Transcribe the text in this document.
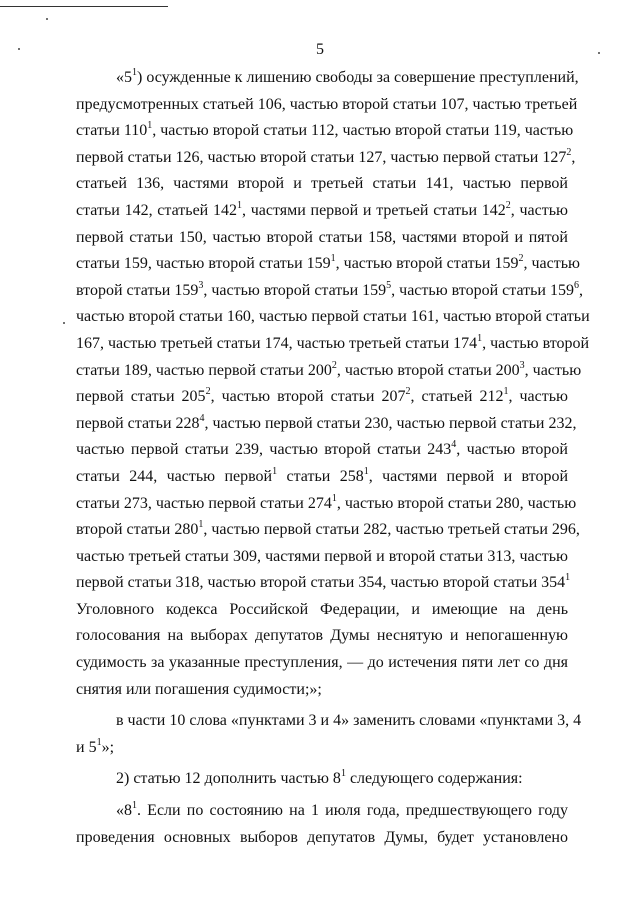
5
«$5^1$) осужденные к лишению свободы за совершение преступлений,
предусмотренных статьей 106, частью второй статьи 107, частью третьей
статьи $110^1$, частью второй статьи 112, частью второй статьи 119, частью
первой статьи 126, частью второй статьи 127, частью первой статьи $127^2$,
статьей 136, частями второй и третьей статьи 141, частью первой
статьи 142, статьей $142^1$, частями первой и третьей статьи $142^2$, частью
первой статьи 150, частью второй статьи 158, частями второй и пятой
статьи 159, частью второй статьи $159^1$, частью второй статьи $159^2$, частью
второй статьи $159^3$, частью второй статьи $159^5$, частью второй статьи $159^6$,
частью второй статьи 160, частью первой статьи 161, частью второй статьи
167, частью третьей статьи 174, частью третьей статьи $174^1$, частью второй
статьи 189, частью первой статьи $200^2$, частью второй статьи $200^3$, частью
первой статьи $205^2$, частью второй статьи $207^2$, статьей $212^1$, частью
первой статьи $228^4$, частью первой статьи 230, частью первой статьи 232,
частью первой статьи 239, частью второй статьи $243^4$, частью второй
статьи 244, частью первой$^1$ статьи $258^1$, частями первой и второй
статьи 273, частью первой статьи $274^1$, частью второй статьи 280, частью
второй статьи $280^1$, частью первой статьи 282, частью третьей статьи 296,
частью третьей статьи 309, частями первой и второй статьи 313, частью
первой статьи 318, частью второй статьи 354, частью второй статьи $354^1$
Уголовного кодекса Российской Федерации, и имеющие на день
голосования на выборах депутатов Думы неснятую и непогашенную
судимость за указанные преступления, — до истечения пяти лет со дня
снятия или погашения судимости;»;
в части 10 слова «пунктами 3 и 4» заменить словами «пунктами 3, 4
и $5^1$»;
2) статью 12 дополнить частью $8^1$ следующего содержания:
«$8^1$. Если по состоянию на 1 июля года, предшествующего году
проведения основных выборов депутатов Думы, будет установлено
